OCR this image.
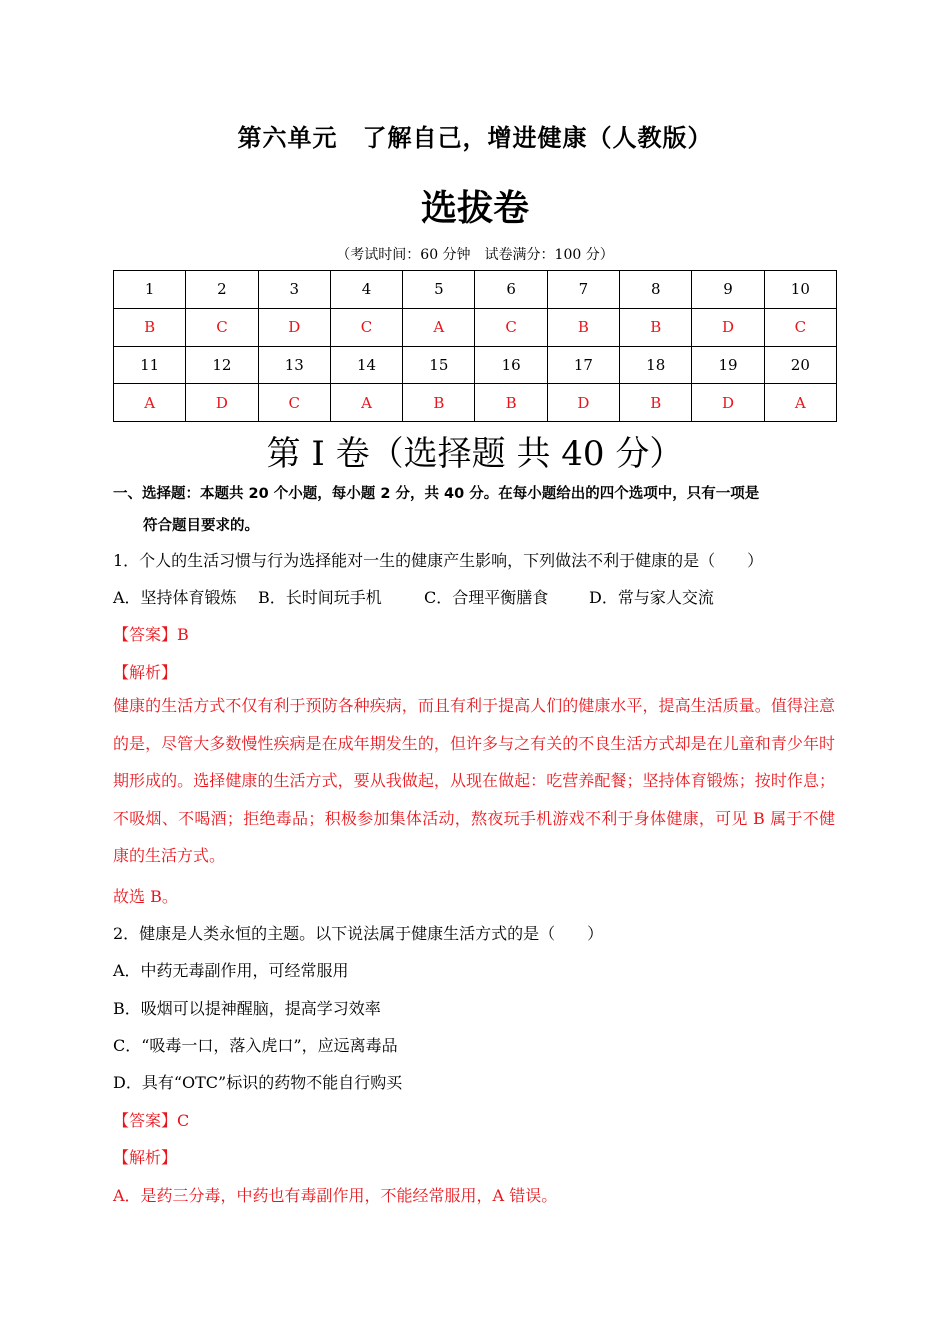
第六单元　了解自己，增进健康（人教版）
选拔卷
（考试时间：60 分钟　试卷满分：100 分）
1	2	3	4	5	6	7	8	9	10
B	C	D	C	A	C	B	B	D	C
11	12	13	14	15	16	17	18	19	20
A	D	C	A	B	B	D	B	D	A
第 I 卷（选择题 共 40 分）
一、选择题：本题共 20 个小题，每小题 2 分，共 40 分。在每小题给出的四个选项中，只有一项是
符合题目要求的。
1．个人的生活习惯与行为选择能对一生的健康产生影响，下列做法不利于健康的是（　　）
A．坚持体育锻炼 B．长时间玩手机	C．合理平衡膳食	D．常与家人交流
【答案】B
【解析】
健康的生活方式不仅有利于预防各种疾病，而且有利于提高人们的健康水平，提高生活质量。值得注意的是，尽管大多数慢性疾病是在成年期发生的，但许多与之有关的不良生活方式却是在儿童和青少年时期形成的。选择健康的生活方式，要从我做起，从现在做起：吃营养配餐；坚持体育锻炼；按时作息；不吸烟、不喝酒；拒绝毒品；积极参加集体活动，熬夜玩手机游戏不利于身体健康，可见 B 属于不健康的生活方式。
故选 B。
2．健康是人类永恒的主题。以下说法属于健康生活方式的是（　　）
A．中药无毒副作用，可经常服用
B．吸烟可以提神醒脑，提高学习效率
C．“吸毒一口，落入虎口”，应远离毒品
D．具有“OTC”标识的药物不能自行购买
【答案】C
【解析】
A．是药三分毒，中药也有毒副作用，不能经常服用，A 错误。
